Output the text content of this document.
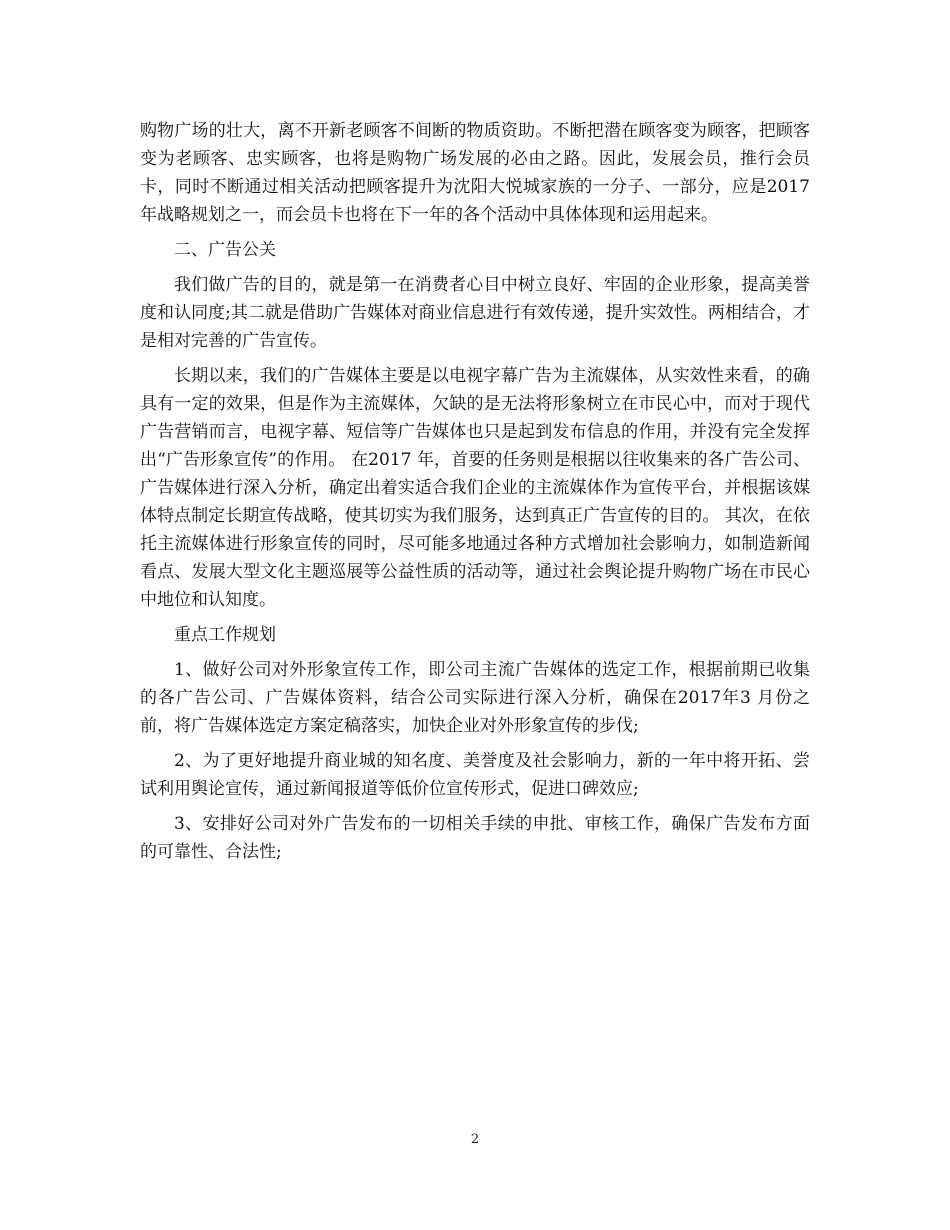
购物广场的壮大，离不开新老顾客不间断的物质资助。不断把潜在顾客变为顾客，把顾客变为老顾客、忠实顾客，也将是购物广场发展的必由之路。因此，发展会员，推行会员卡，同时不断通过相关活动把顾客提升为沈阳大悦城家族的一分子、一部分，应是2017年战略规划之一，而会员卡也将在下一年的各个活动中具体体现和运用起来。

二、广告公关

我们做广告的目的，就是第一在消费者心目中树立良好、牢固的企业形象，提高美誉度和认同度;其二就是借助广告媒体对商业信息进行有效传递，提升实效性。两相结合，才是相对完善的广告宣传。

长期以来，我们的广告媒体主要是以电视字幕广告为主流媒体，从实效性来看，的确具有一定的效果，但是作为主流媒体，欠缺的是无法将形象树立在市民心中，而对于现代广告营销而言，电视字幕、短信等广告媒体也只是起到发布信息的作用，并没有完全发挥出“广告形象宣传”的作用。 在2017 年，首要的任务则是根据以往收集来的各广告公司、广告媒体进行深入分析，确定出着实适合我们企业的主流媒体作为宣传平台，并根据该媒体特点制定长期宣传战略，使其切实为我们服务，达到真正广告宣传的目的。 其次，在依托主流媒体进行形象宣传的同时，尽可能多地通过各种方式增加社会影响力，如制造新闻看点、发展大型文化主题巡展等公益性质的活动等，通过社会舆论提升购物广场在市民心中地位和认知度。

重点工作规划

1、做好公司对外形象宣传工作，即公司主流广告媒体的选定工作，根据前期已收集的各广告公司、广告媒体资料，结合公司实际进行深入分析，确保在2017年3 月份之前，将广告媒体选定方案定稿落实，加快企业对外形象宣传的步伐;

2、为了更好地提升商业城的知名度、美誉度及社会影响力，新的一年中将开拓、尝试利用舆论宣传，通过新闻报道等低价位宣传形式，促进口碑效应;

3、安排好公司对外广告发布的一切相关手续的申批、审核工作，确保广告发布方面的可靠性、合法性;

2
